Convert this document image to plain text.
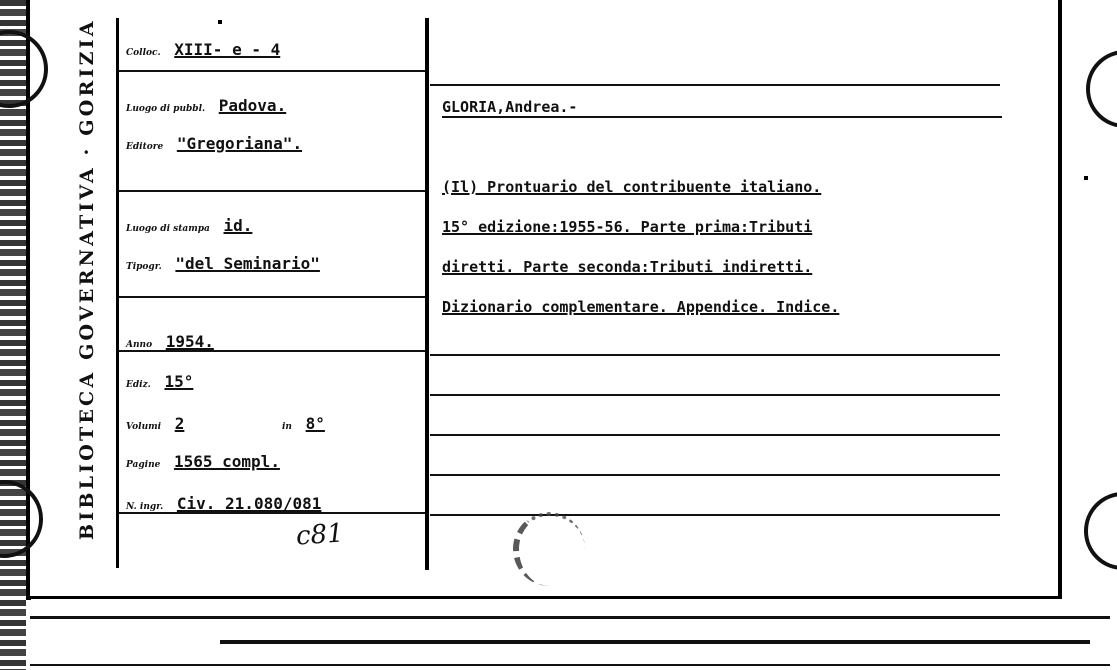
BIBLIOTECA GOVERNATIVA · GORIZIA	Colloc. XIII- e - 4
Luogo di pubbl. Padova.
Editore "Gregoriana".
Luogo di stampa id.
Tipogr. "del Seminario"
Anno 1954.
Ediz. 15°
Volumi 2	in 8°
Pagine 1565 compl.
N. ingr. Civ. 21.080/081
c81
GLORIA,Andrea.-
(Il) Prontuario del contribuente italiano.
15° edizione:1955-56. Parte prima:Tributi
diretti. Parte seconda:Tributi indiretti.
Dizionario complementare. Appendice. Indice.
